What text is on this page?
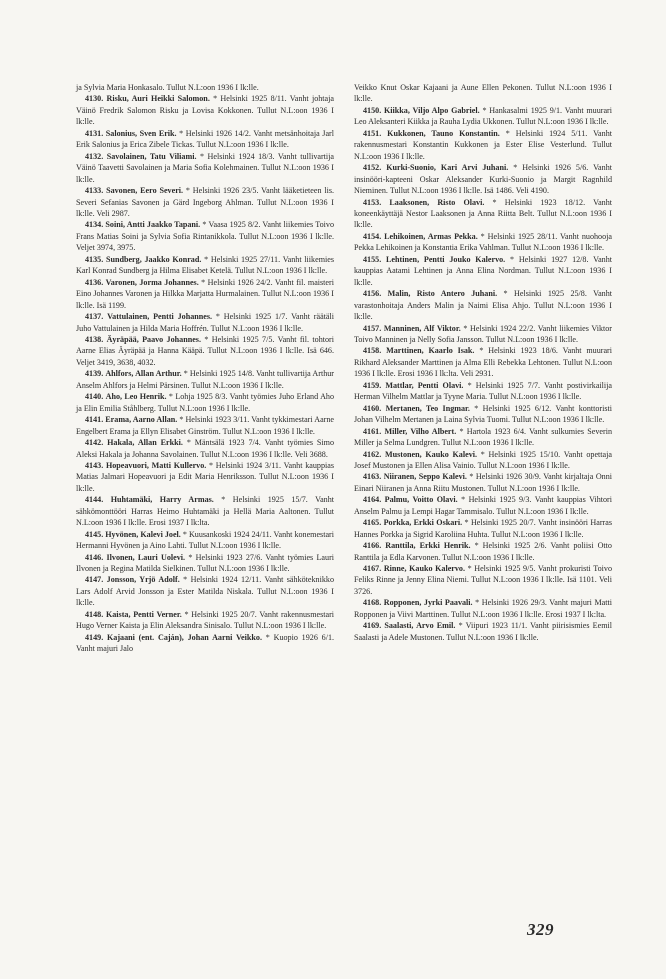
ja Sylvia Maria Honkasalo. Tullut N.L:oon 1936 I lk:lle.

4130. Risku, Auri Heikki Salomon. * Helsinki 1925 8/11. Vanht johtaja Väinö Fredrik Salomon Risku ja Lovisa Kokkonen. Tullut N.L:oon 1936 I lk:lle.

4131. Salonius, Sven Erik. * Helsinki 1926 14/2. Vanht metsänhoitaja Jarl Erik Salonius ja Erica Zibele Tickas. Tullut N.L:oon 1936 I lk:lle.

4132. Savolainen, Tatu Viliami. * Helsinki 1924 18/3. Vanht tullivartija Väinö Taavetti Savolainen ja Maria Sofia Kolehmainen. Tullut N.L:oon 1936 I lk:lle.

4133. Savonen, Eero Severi. * Helsinki 1926 23/5. Vanht lääketieteen lis. Severi Sefanias Savonen ja Gärd Ingeborg Ahlman. Tullut N.L:oon 1936 I lk:lle. Veli 2987.

4134. Soini, Antti Jaakko Tapani. * Vaasa 1925 8/2. Vanht liikemies Toivo Frans Matias Soini ja Sylvia Sofia Rintanikkola. Tullut N.L:oon 1936 I lk:lle. Veljet 3974, 3975.

4135. Sundberg, Jaakko Konrad. * Helsinki 1925 27/11. Vanht liikemies Karl Konrad Sundberg ja Hilma Elisabet Ketelä. Tullut N.L:oon 1936 I lk:lle.

4136. Varonen, Jorma Johannes. * Helsinki 1926 24/2. Vanht fil. maisteri Eino Johannes Varonen ja Hilkka Marjatta Hurmalainen. Tullut N.L:oon 1936 I lk:lle. Isä 1199.

4137. Vattulainen, Pentti Johannes. * Helsinki 1925 1/7. Vanht räätäli Juho Vattulainen ja Hilda Maria Hoffrén. Tullut N.L:oon 1936 I lk:lle.

4138. Äyräpää, Paavo Johannes. * Helsinki 1925 7/5. Vanht fil. tohtori Aarne Elias Äyräpää ja Hanna Kääpä. Tullut N.L:oon 1936 I lk:lle. Isä 646. Veljet 3419, 3638, 4032.

4139. Ahlfors, Allan Arthur. * Helsinki 1925 14/8. Vanht tullivartija Arthur Anselm Ahlfors ja Helmi Pärsinen. Tullut N.L:oon 1936 I lk:lle.

4140. Aho, Leo Henrik. * Lohja 1925 8/3. Vanht työmies Juho Erland Aho ja Elin Emilia Ståhlberg. Tullut N.L:oon 1936 I lk:lle.

4141. Erama, Aarno Allan. * Helsinki 1923 3/11. Vanht tykkimestari Aarne Engelbert Erama ja Ellyn Elisabet Ginström. Tullut N.L:oon 1936 I lk:lle.

4142. Hakala, Allan Erkki. * Mäntsälä 1923 7/4. Vanht työmies Simo Aleksi Hakala ja Johanna Savolainen. Tullut N.L:oon 1936 I lk:lle. Veli 3688.

4143. Hopeavuori, Matti Kullervo. * Helsinki 1924 3/11. Vanht kauppias Matias Jalmari Hopeavuori ja Edit Maria Henriksson. Tullut N.L:oon 1936 I lk:lle.

4144. Huhtamäki, Harry Armas. * Helsinki 1925 15/7. Vanht sähkömonttööri Harras Heimo Huhtamäki ja Hellä Maria Aaltonen. Tullut N.L:oon 1936 I lk:lle. Erosi 1937 I lk:lta.

4145. Hyvönen, Kalevi Joel. * Kuusankoski 1924 24/11. Vanht konemestari Hermanni Hyvönen ja Aino Lahti. Tullut N.L:oon 1936 I lk:lle.

4146. Ilvonen, Lauri Uolevi. * Helsinki 1923 27/6. Vanht työmies Lauri Ilvonen ja Regina Matilda Sielkinen. Tullut N.L:oon 1936 I lk:lle.

4147. Jonsson, Yrjö Adolf. * Helsinki 1924 12/11. Vanht sähköteknikko Lars Adolf Arvid Jonsson ja Ester Matilda Niskala. Tullut N.L:oon 1936 I lk:lle.

4148. Kaista, Pentti Verner. * Helsinki 1925 20/7. Vanht rakennusmestari Hugo Verner Kaista ja Elin Aleksandra Sinisalo. Tullut N.L:oon 1936 I lk:lle.

4149. Kajaani (ent. Caján), Johan Aarni Veikko. * Kuopio 1926 6/1. Vanht majuri Jalo

Veikko Knut Oskar Kajaani ja Aune Ellen Pekonen. Tullut N.L:oon 1936 I lk:lle.

4150. Kiikka, Viljo Alpo Gabriel. * Hankasalmi 1925 9/1. Vanht muurari Leo Aleksanteri Kiikka ja Rauha Lydia Ukkonen. Tullut N.L:oon 1936 I lk:lle.

4151. Kukkonen, Tauno Konstantin. * Helsinki 1924 5/11. Vanht rakennusmestari Konstantin Kukkonen ja Ester Elise Vesterlund. Tullut N.L:oon 1936 I lk:lle.

4152. Kurki-Suonio, Kari Arvi Juhani. * Helsinki 1926 5/6. Vanht insinööri-kapteeni Oskar Aleksander Kurki-Suonio ja Margit Ragnhild Nieminen. Tullut N.L:oon 1936 I lk:lle. Isä 1486. Veli 4190.

4153. Laaksonen, Risto Olavi. * Helsinki 1923 18/12. Vanht koneenkäyttäjä Nestor Laaksonen ja Anna Riitta Belt. Tullut N.L:oon 1936 I lk:lle.

4154. Lehikoinen, Armas Pekka. * Helsinki 1925 28/11. Vanht nuohooja Pekka Lehikoinen ja Konstantia Erika Vahlman. Tullut N.L:oon 1936 I lk:lle.

4155. Lehtinen, Pentti Jouko Kalervo. * Helsinki 1927 12/8. Vanht kauppias Aatami Lehtinen ja Anna Elina Nordman. Tullut N.L:oon 1936 I lk:lle.

4156. Malin, Risto Antero Juhani. * Helsinki 1925 25/8. Vanht varastonhoitaja Anders Malin ja Naimi Elisa Ahjo. Tullut N.L:oon 1936 I lk:lle.

4157. Manninen, Alf Viktor. * Helsinki 1924 22/2. Vanht liikemies Viktor Toivo Manninen ja Nelly Sofia Jansson. Tullut N.L:oon 1936 I lk:lle.

4158. Marttinen, Kaarlo Isak. * Helsinki 1923 18/6. Vanht muurari Rikhard Aleksander Marttinen ja Alma Elli Rebekka Lehtonen. Tullut N.L:oon 1936 I lk:lle. Erosi 1936 I lk:lta. Veli 2931.

4159. Mattlar, Pentti Olavi. * Helsinki 1925 7/7. Vanht postivirkailija Herman Vilhelm Mattlar ja Tyyne Maria. Tullut N.L:oon 1936 I lk:lle.

4160. Mertanen, Teo Ingmar. * Helsinki 1925 6/12. Vanht konttoristi Johan Vilhelm Mertanen ja Laina Sylvia Tuomi. Tullut N.L:oon 1936 I lk:lle.

4161. Miller, Vilho Albert. * Hartola 1923 6/4. Vanht sulkumies Severin Miller ja Selma Lundgren. Tullut N.L:oon 1936 I lk:lle.

4162. Mustonen, Kauko Kalevi. * Helsinki 1925 15/10. Vanht opettaja Josef Mustonen ja Ellen Alisa Vainio. Tullut N.L:oon 1936 I lk:lle.

4163. Niiranen, Seppo Kalevi. * Helsinki 1926 30/9. Vanht kirjaltaja Onni Einari Niiranen ja Anna Riitu Mustonen. Tullut N.L:oon 1936 I lk:lle.

4164. Palmu, Voitto Olavi. * Helsinki 1925 9/3. Vanht kauppias Vihtori Anselm Palmu ja Lempi Hagar Tammisalo. Tullut N.L:oon 1936 I lk:lle.

4165. Porkka, Erkki Oskari. * Helsinki 1925 20/7. Vanht insinööri Harras Hannes Porkka ja Sigrid Karoliina Huhta. Tullut N.L:oon 1936 I lk:lle.

4166. Ranttila, Erkki Henrik. * Helsinki 1925 2/6. Vanht poliisi Otto Ranttila ja Edla Karvonen. Tullut N.L:oon 1936 I lk:lle.

4167. Rinne, Kauko Kalervo. * Helsinki 1925 9/5. Vanht prokuristi Toivo Feliks Rinne ja Jenny Elina Niemi. Tullut N.L:oon 1936 I lk:lle. Isä 1101. Veli 3726.

4168. Ropponen, Jyrki Paavali. * Helsinki 1926 29/3. Vanht majuri Matti Ropponen ja Viivi Marttinen. Tullut N.L:oon 1936 I lk:lle. Erosi 1937 I lk:lta.

4169. Saalasti, Arvo Emil. * Viipuri 1923 11/1. Vanht piirisismies Eemil Saalasti ja Adele Mustonen. Tullut N.L:oon 1936 I lk:lle.

329
